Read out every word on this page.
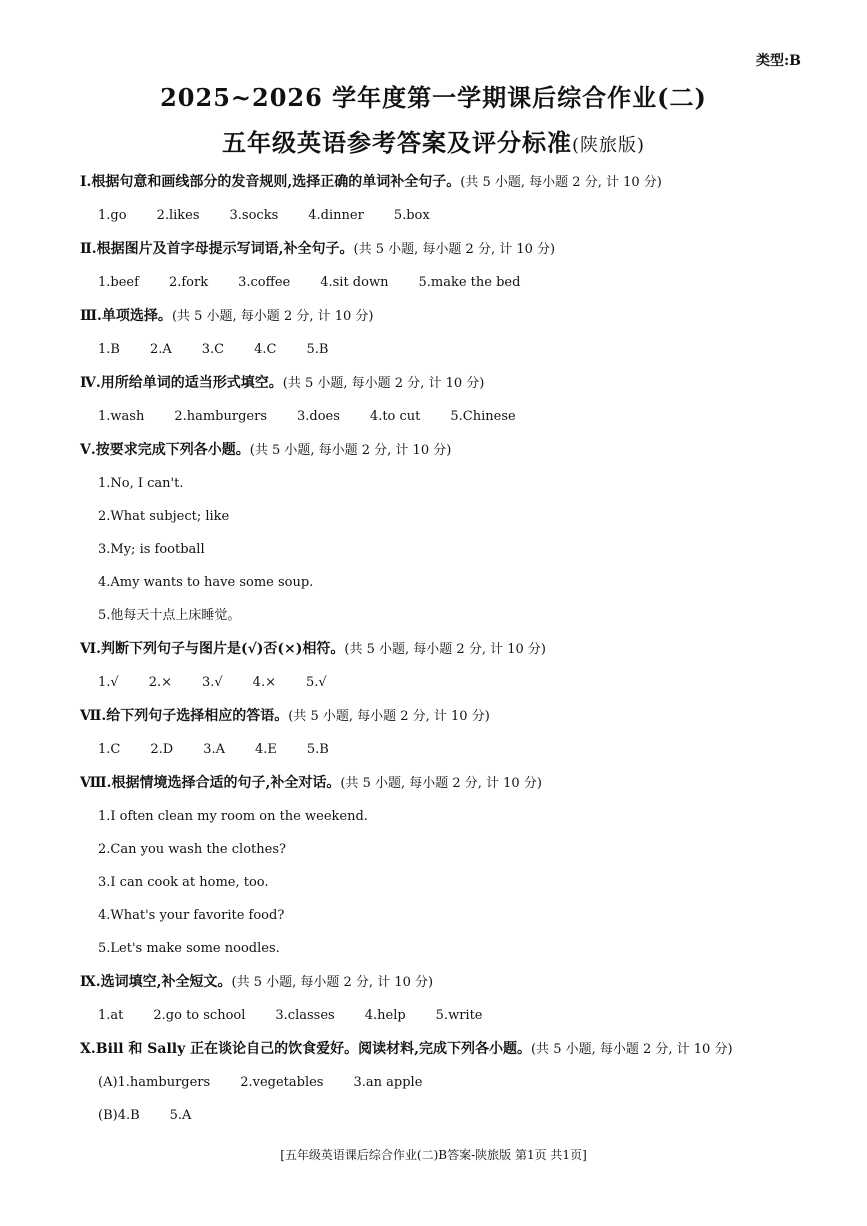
类型:B
2025~2026 学年度第一学期课后综合作业(二)
五年级英语参考答案及评分标准(陕旅版)
Ⅰ.根据句意和画线部分的发音规则,选择正确的单词补全句子。(共 5 小题, 每小题 2 分, 计 10 分)
1.go 2.likes 3.socks 4.dinner 5.box
Ⅱ.根据图片及首字母提示写词语,补全句子。(共 5 小题, 每小题 2 分, 计 10 分)
1.beef 2.fork 3.coffee 4.sit down 5.make the bed
Ⅲ.单项选择。(共 5 小题, 每小题 2 分, 计 10 分)
1.B 2.A 3.C 4.C 5.B
Ⅳ.用所给单词的适当形式填空。(共 5 小题, 每小题 2 分, 计 10 分)
1.wash 2.hamburgers 3.does 4.to cut 5.Chinese
Ⅴ.按要求完成下列各小题。(共 5 小题, 每小题 2 分, 计 10 分)
1.No, I can't.
2.What subject; like
3.My; is football
4.Amy wants to have some soup.
5.他每天十点上床睡觉。
Ⅵ.判断下列句子与图片是(√)否(×)相符。(共 5 小题, 每小题 2 分, 计 10 分)
1.√ 2.× 3.√ 4.× 5.√
Ⅶ.给下列句子选择相应的答语。(共 5 小题, 每小题 2 分, 计 10 分)
1.C 2.D 3.A 4.E 5.B
Ⅷ.根据情境选择合适的句子,补全对话。(共 5 小题, 每小题 2 分, 计 10 分)
1.I often clean my room on the weekend.
2.Can you wash the clothes?
3.I can cook at home, too.
4.What's your favorite food?
5.Let's make some noodles.
Ⅸ.选词填空,补全短文。(共 5 小题, 每小题 2 分, 计 10 分)
1.at 2.go to school 3.classes 4.help 5.write
Ⅹ.Bill 和 Sally 正在谈论自己的饮食爱好。阅读材料,完成下列各小题。(共 5 小题, 每小题 2 分, 计 10 分)
(A)1.hamburgers 2.vegetables 3.an apple
(B)4.B 5.A
[五年级英语课后综合作业(二)B答案-陕旅版 第1页 共1页]
